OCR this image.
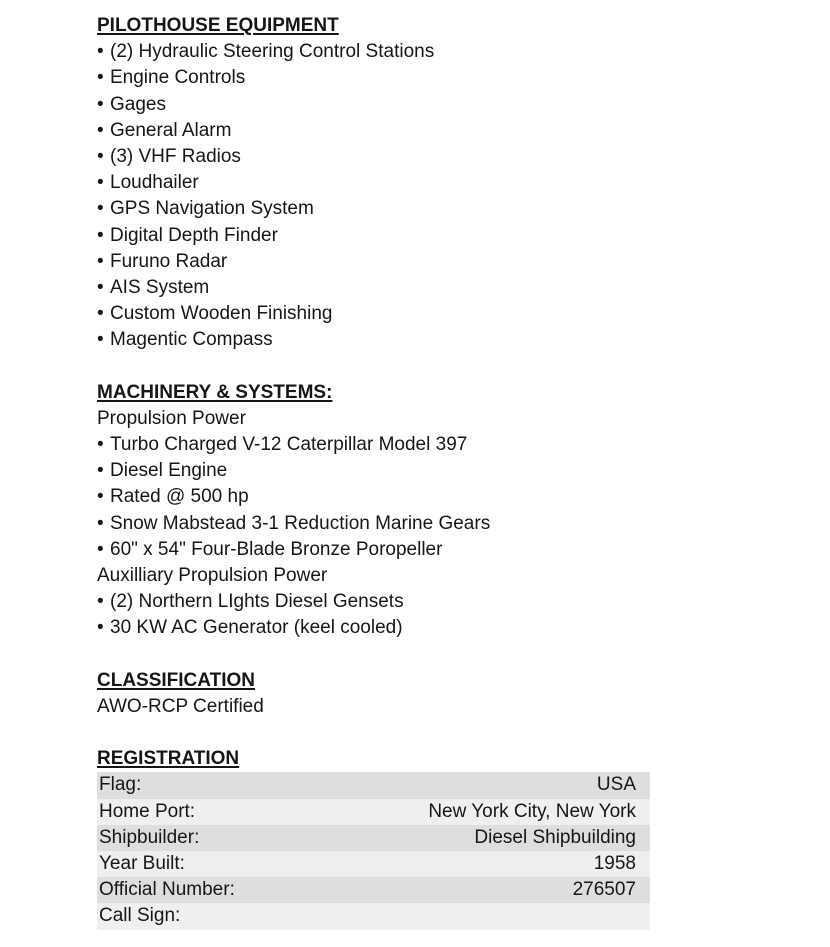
PILOTHOUSE EQUIPMENT
• (2) Hydraulic Steering Control Stations
• Engine Controls
• Gages
• General Alarm
• (3) VHF Radios
• Loudhailer
• GPS Navigation System
• Digital Depth Finder
• Furuno Radar
• AIS System
• Custom Wooden Finishing
• Magentic Compass
MACHINERY & SYSTEMS:
Propulsion Power
• Turbo Charged V-12 Caterpillar Model 397
• Diesel Engine
• Rated @ 500 hp
• Snow Mabstead 3-1 Reduction Marine Gears
• 60" x 54" Four-Blade Bronze Poropeller
Auxilliary Propulsion Power
• (2) Northern LIghts Diesel Gensets
• 30 KW AC Generator (keel cooled)
CLASSIFICATION
AWO-RCP Certified
REGISTRATION
Flag:	USA
Home Port:	New York City, New York
Shipbuilder:	Diesel Shipbuilding
Year Built:	1958
Official Number:	276507
Call Sign:
